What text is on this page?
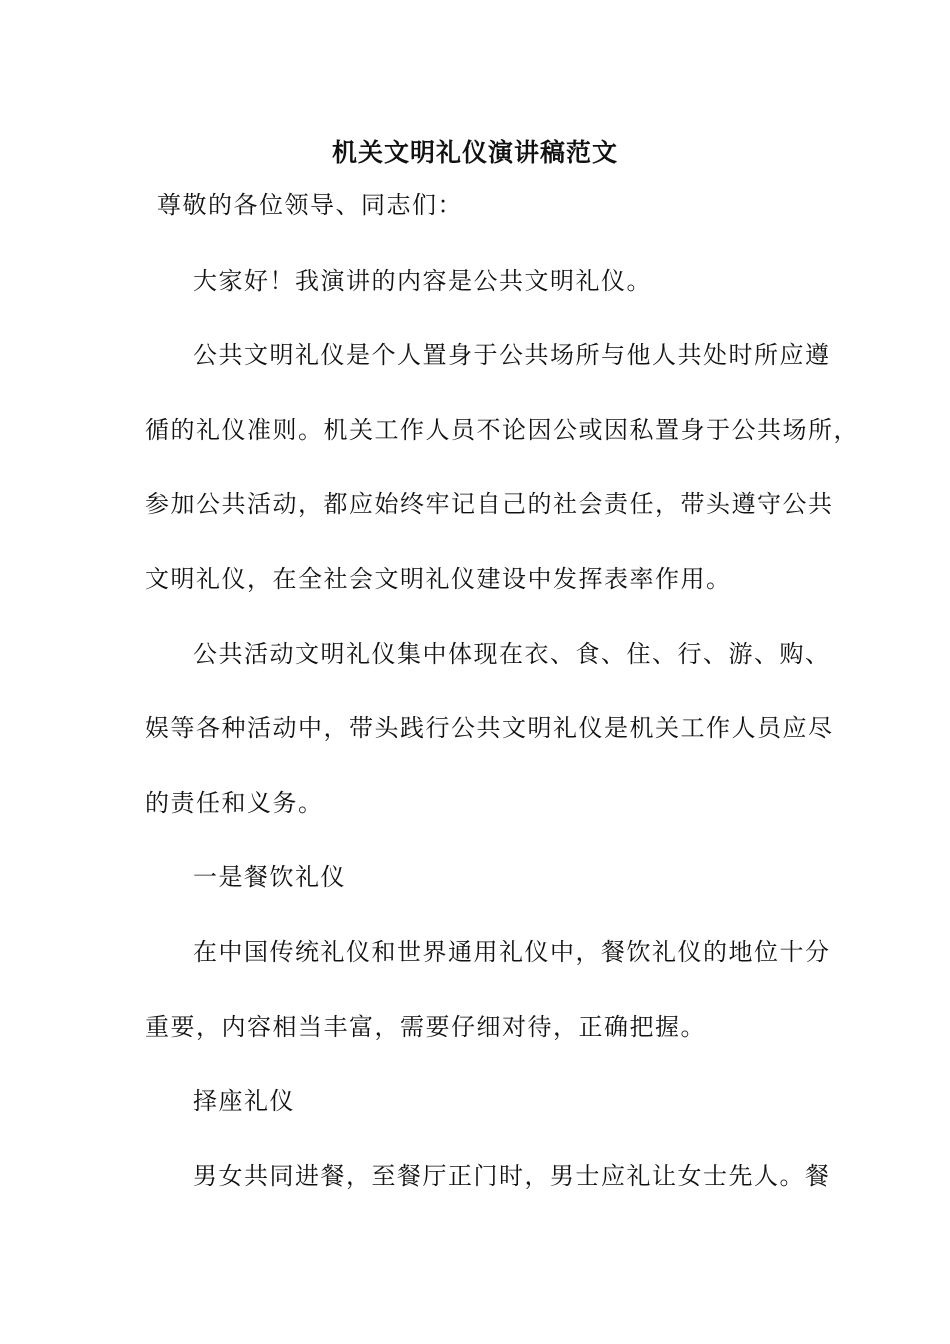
机关文明礼仪演讲稿范文
尊敬的各位领导、同志们：
大家好！我演讲的内容是公共文明礼仪。
公共文明礼仪是个人置身于公共场所与他人共处时所应遵
循的礼仪准则。机关工作人员不论因公或因私置身于公共场所，
参加公共活动，都应始终牢记自己的社会责任，带头遵守公共
文明礼仪，在全社会文明礼仪建设中发挥表率作用。
公共活动文明礼仪集中体现在衣、食、住、行、游、购、
娱等各种活动中，带头践行公共文明礼仪是机关工作人员应尽
的责任和义务。
一是餐饮礼仪
在中国传统礼仪和世界通用礼仪中，餐饮礼仪的地位十分
重要，内容相当丰富，需要仔细对待，正确把握。
择座礼仪
男女共同进餐，至餐厅正门时，男士应礼让女士先人。餐
